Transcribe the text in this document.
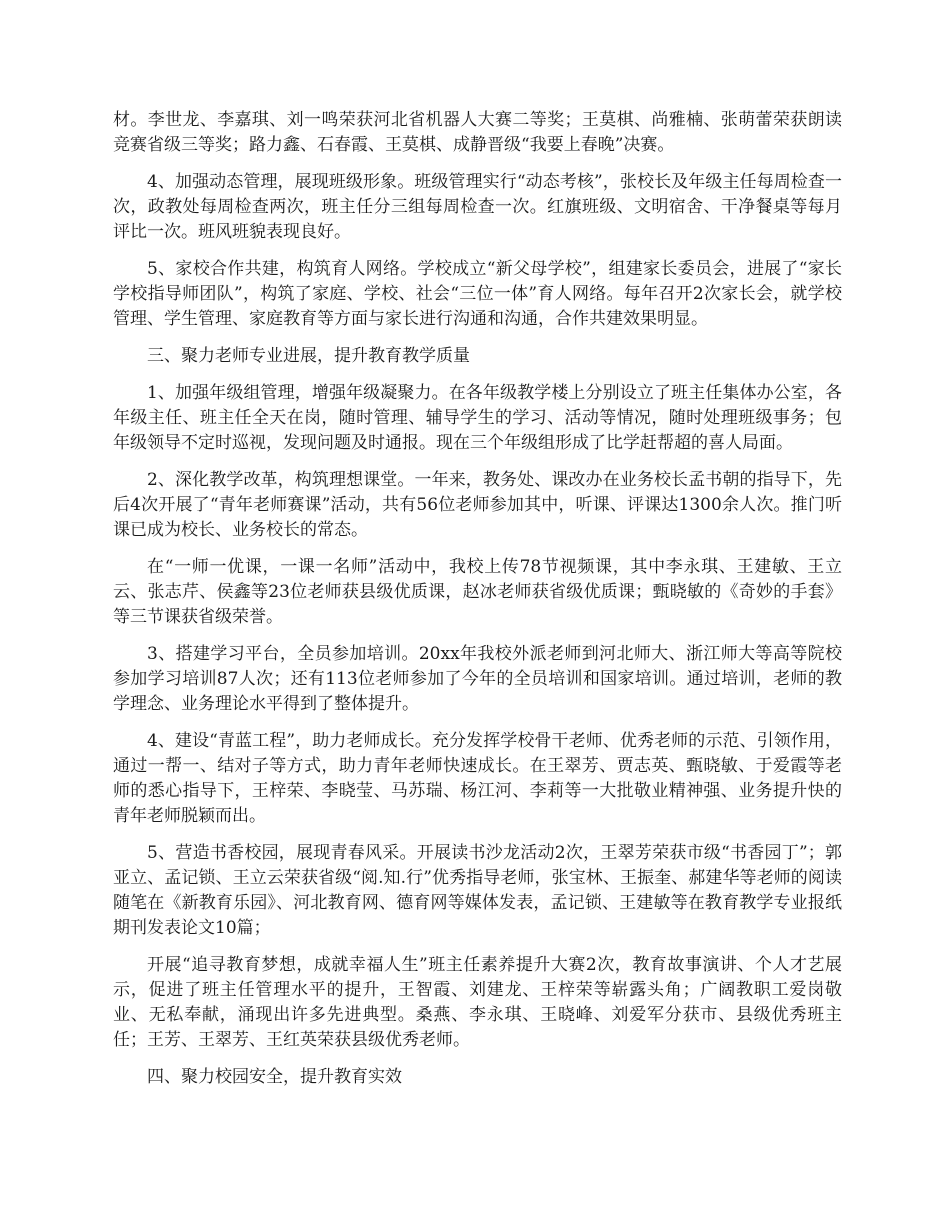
材。李世龙、李嘉琪、刘一鸣荣获河北省机器人大赛二等奖；王莫棋、尚雅楠、张萌蕾荣获朗读竞赛省级三等奖；路力鑫、石春霞、王莫棋、成静晋级“我要上春晚”决赛。

4、加强动态管理，展现班级形象。班级管理实行“动态考核”，张校长及年级主任每周检查一次，政教处每周检查两次，班主任分三组每周检查一次。红旗班级、文明宿舍、干净餐桌等每月评比一次。班风班貌表现良好。

5、家校合作共建，构筑育人网络。学校成立“新父母学校”，组建家长委员会，进展了“家长学校指导师团队”，构筑了家庭、学校、社会“三位一体”育人网络。每年召开2次家长会，就学校管理、学生管理、家庭教育等方面与家长进行沟通和沟通，合作共建效果明显。

三、聚力老师专业进展，提升教育教学质量

1、加强年级组管理，增强年级凝聚力。在各年级教学楼上分别设立了班主任集体办公室，各年级主任、班主任全天在岗，随时管理、辅导学生的学习、活动等情况，随时处理班级事务；包年级领导不定时巡视，发现问题及时通报。现在三个年级组形成了比学赶帮超的喜人局面。

2、深化教学改革，构筑理想课堂。一年来，教务处、课改办在业务校长孟书朝的指导下，先后4次开展了“青年老师赛课”活动，共有56位老师参加其中，听课、评课达1300余人次。推门听课已成为校长、业务校长的常态。

在“一师一优课，一课一名师”活动中，我校上传78节视频课，其中李永琪、王建敏、王立云、张志芹、侯鑫等23位老师获县级优质课，赵冰老师获省级优质课；甄晓敏的《奇妙的手套》等三节课获省级荣誉。

3、搭建学习平台，全员参加培训。20xx年我校外派老师到河北师大、浙江师大等高等院校参加学习培训87人次；还有113位老师参加了今年的全员培训和国家培训。通过培训，老师的教学理念、业务理论水平得到了整体提升。

4、建设“青蓝工程”，助力老师成长。充分发挥学校骨干老师、优秀老师的示范、引领作用，通过一帮一、结对子等方式，助力青年老师快速成长。在王翠芳、贾志英、甄晓敏、于爱霞等老师的悉心指导下，王梓荣、李晓莹、马苏瑞、杨江河、李莉等一大批敬业精神强、业务提升快的青年老师脱颖而出。

5、营造书香校园，展现青春风采。开展读书沙龙活动2次，王翠芳荣获市级“书香园丁”；郭亚立、孟记锁、王立云荣获省级“阅.知.行”优秀指导老师，张宝林、王振奎、郝建华等老师的阅读随笔在《新教育乐园》、河北教育网、德育网等媒体发表，孟记锁、王建敏等在教育教学专业报纸期刊发表论文10篇；

开展“追寻教育梦想，成就幸福人生”班主任素养提升大赛2次，教育故事演讲、个人才艺展示，促进了班主任管理水平的提升，王智霞、刘建龙、王梓荣等崭露头角；广阔教职工爱岗敬业、无私奉献，涌现出许多先进典型。桑燕、李永琪、王晓峰、刘爱军分获市、县级优秀班主任；王芳、王翠芳、王红英荣获县级优秀老师。

四、聚力校园安全，提升教育实效
